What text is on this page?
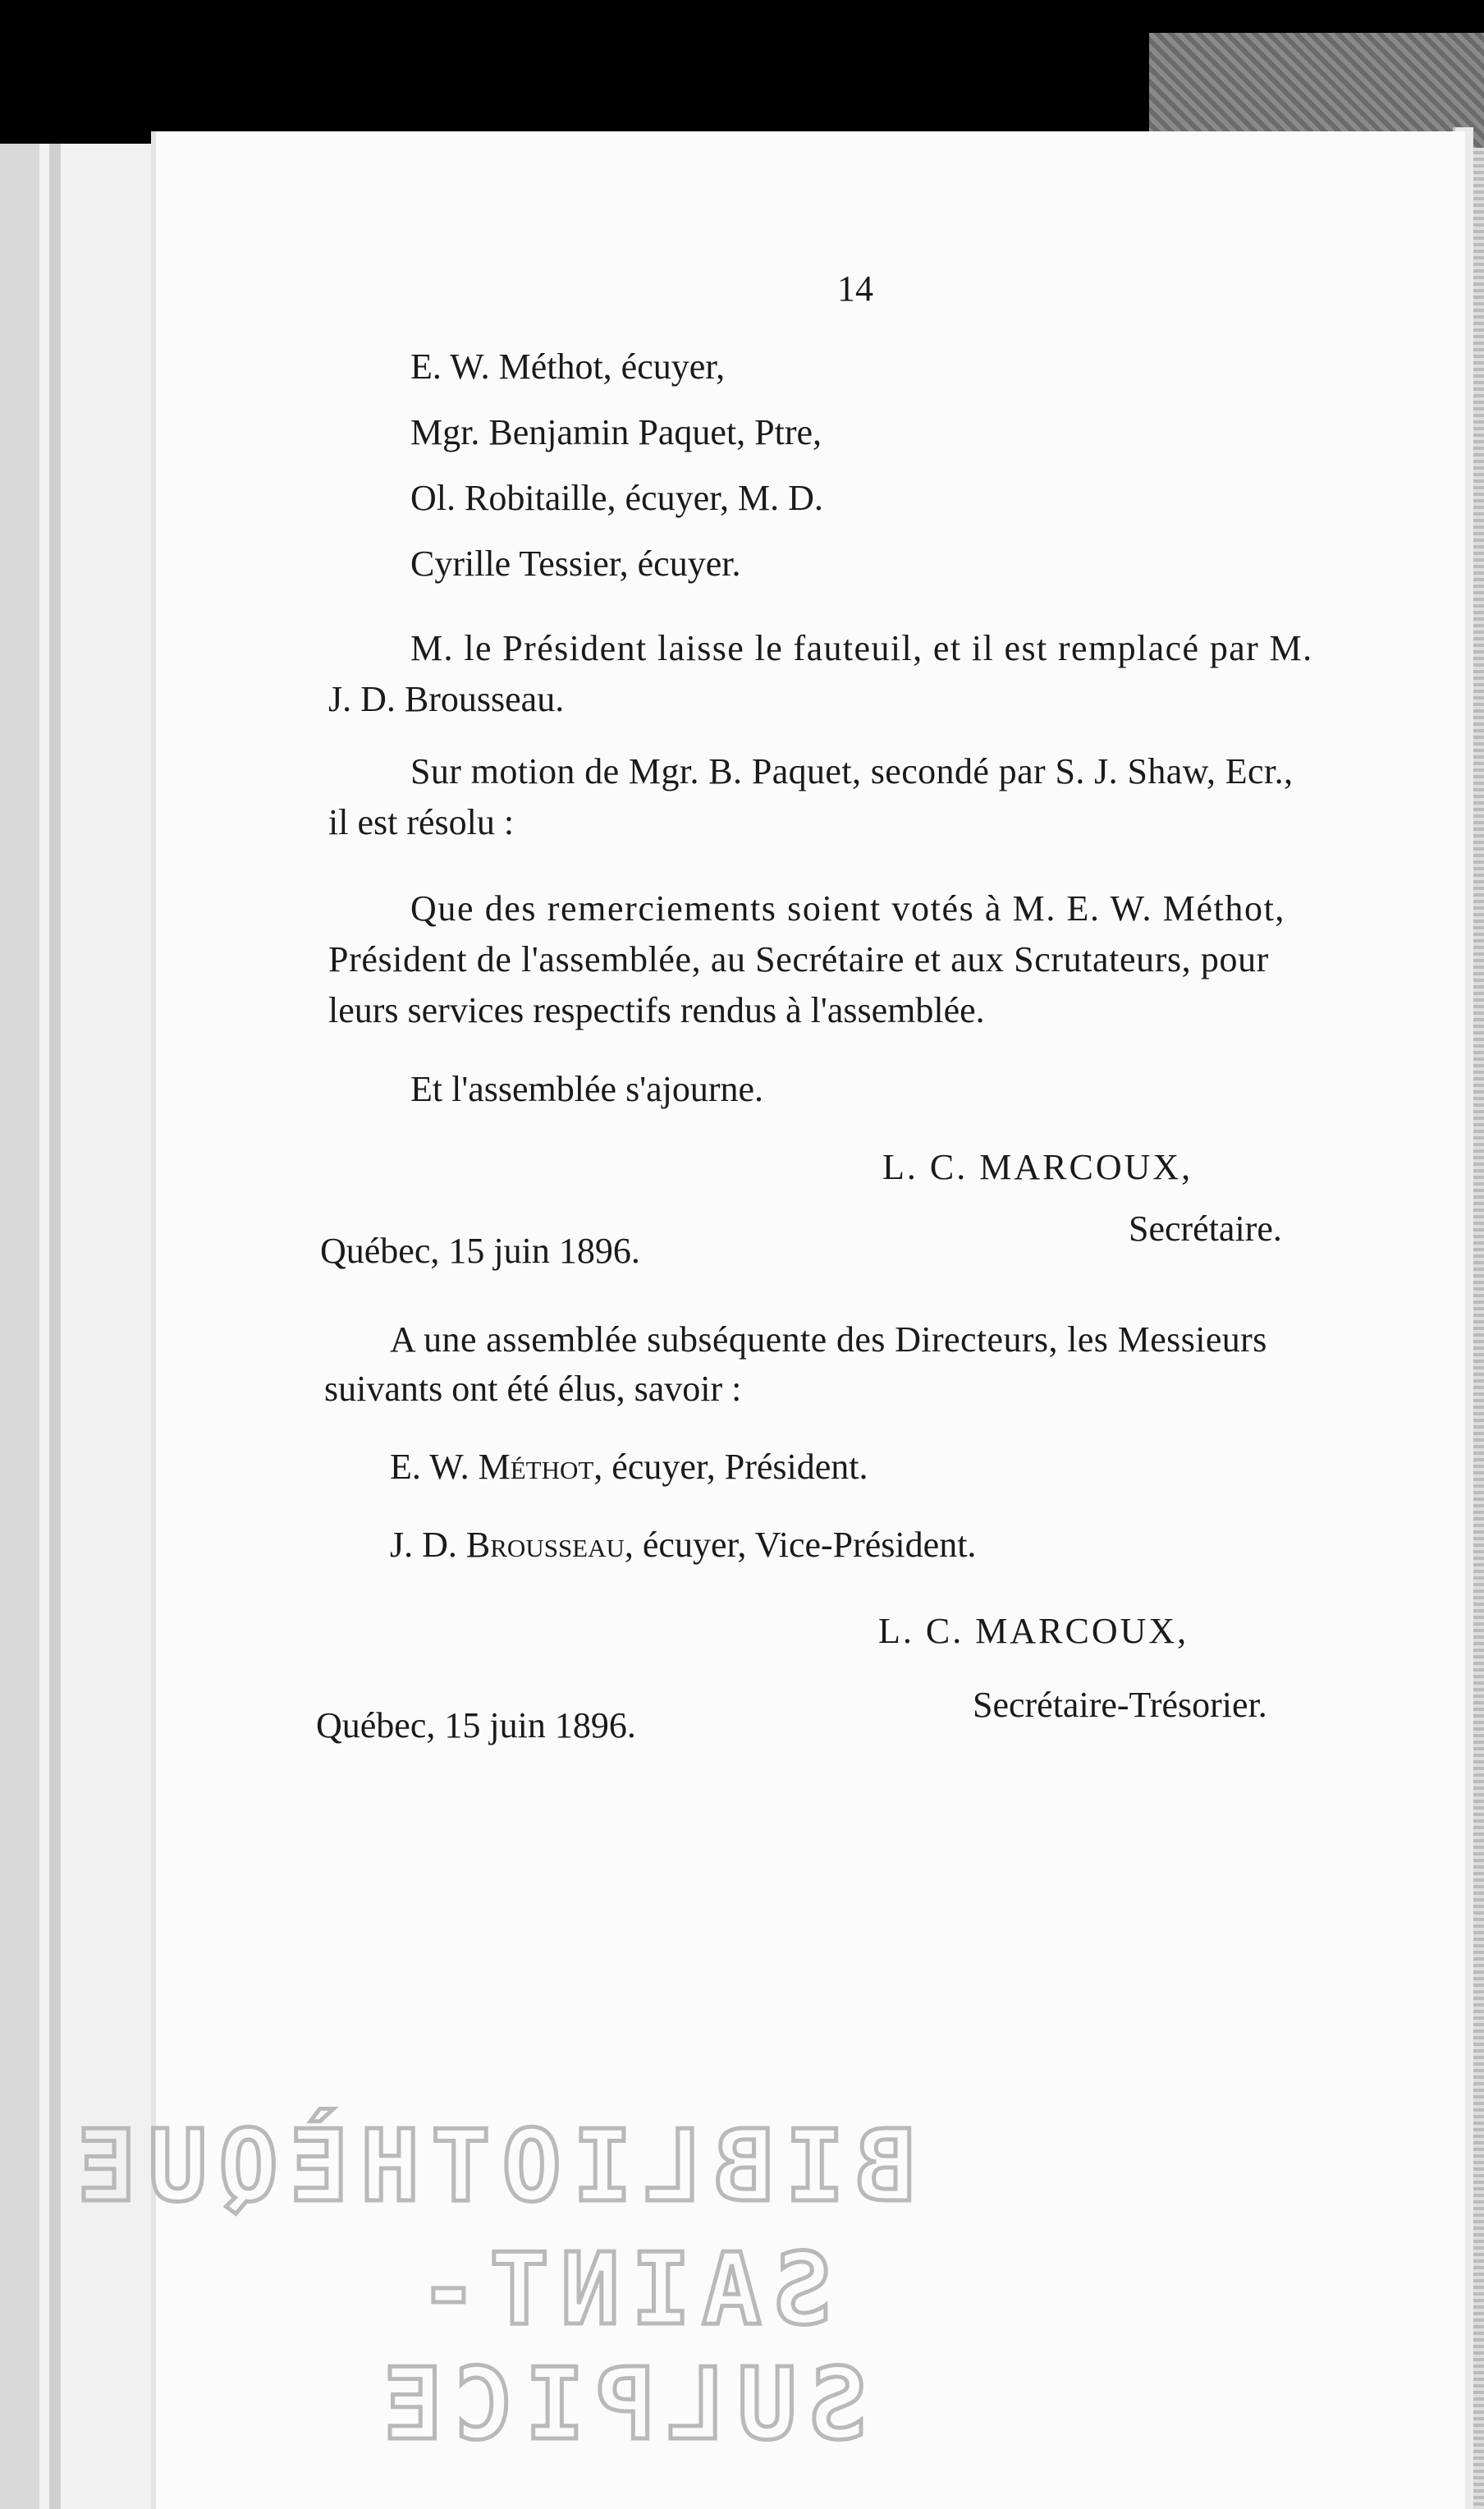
14
E. W. Méthot, écuyer,
Mgr. Benjamin Paquet, Ptre,
Ol. Robitaille, écuyer, M. D.
Cyrille Tessier, écuyer.
M. le Président laisse le fauteuil, et il est remplacé par M.
J. D. Brousseau.
Sur motion de Mgr. B. Paquet, secondé par S. J. Shaw, Ecr.,
il est résolu :
Que des remerciements soient votés à M. E. W. Méthot,
Président de l'assemblée, au Secrétaire et aux Scrutateurs, pour
leurs services respectifs rendus à l'assemblée.
Et l'assemblée s'ajourne.
L. C. MARCOUX,
Secrétaire.
Québec, 15 juin 1896.
A une assemblée subséquente des Directeurs, les Messieurs
suivants ont été élus, savoir :
E. W. Méthot, écuyer, Président.
J. D. Brousseau, écuyer, Vice-Président.
L. C. MARCOUX,
Secrétaire-Trésorier.
Québec, 15 juin 1896.
BIBLIOTHÈQUE
SAINT-SULPICE
